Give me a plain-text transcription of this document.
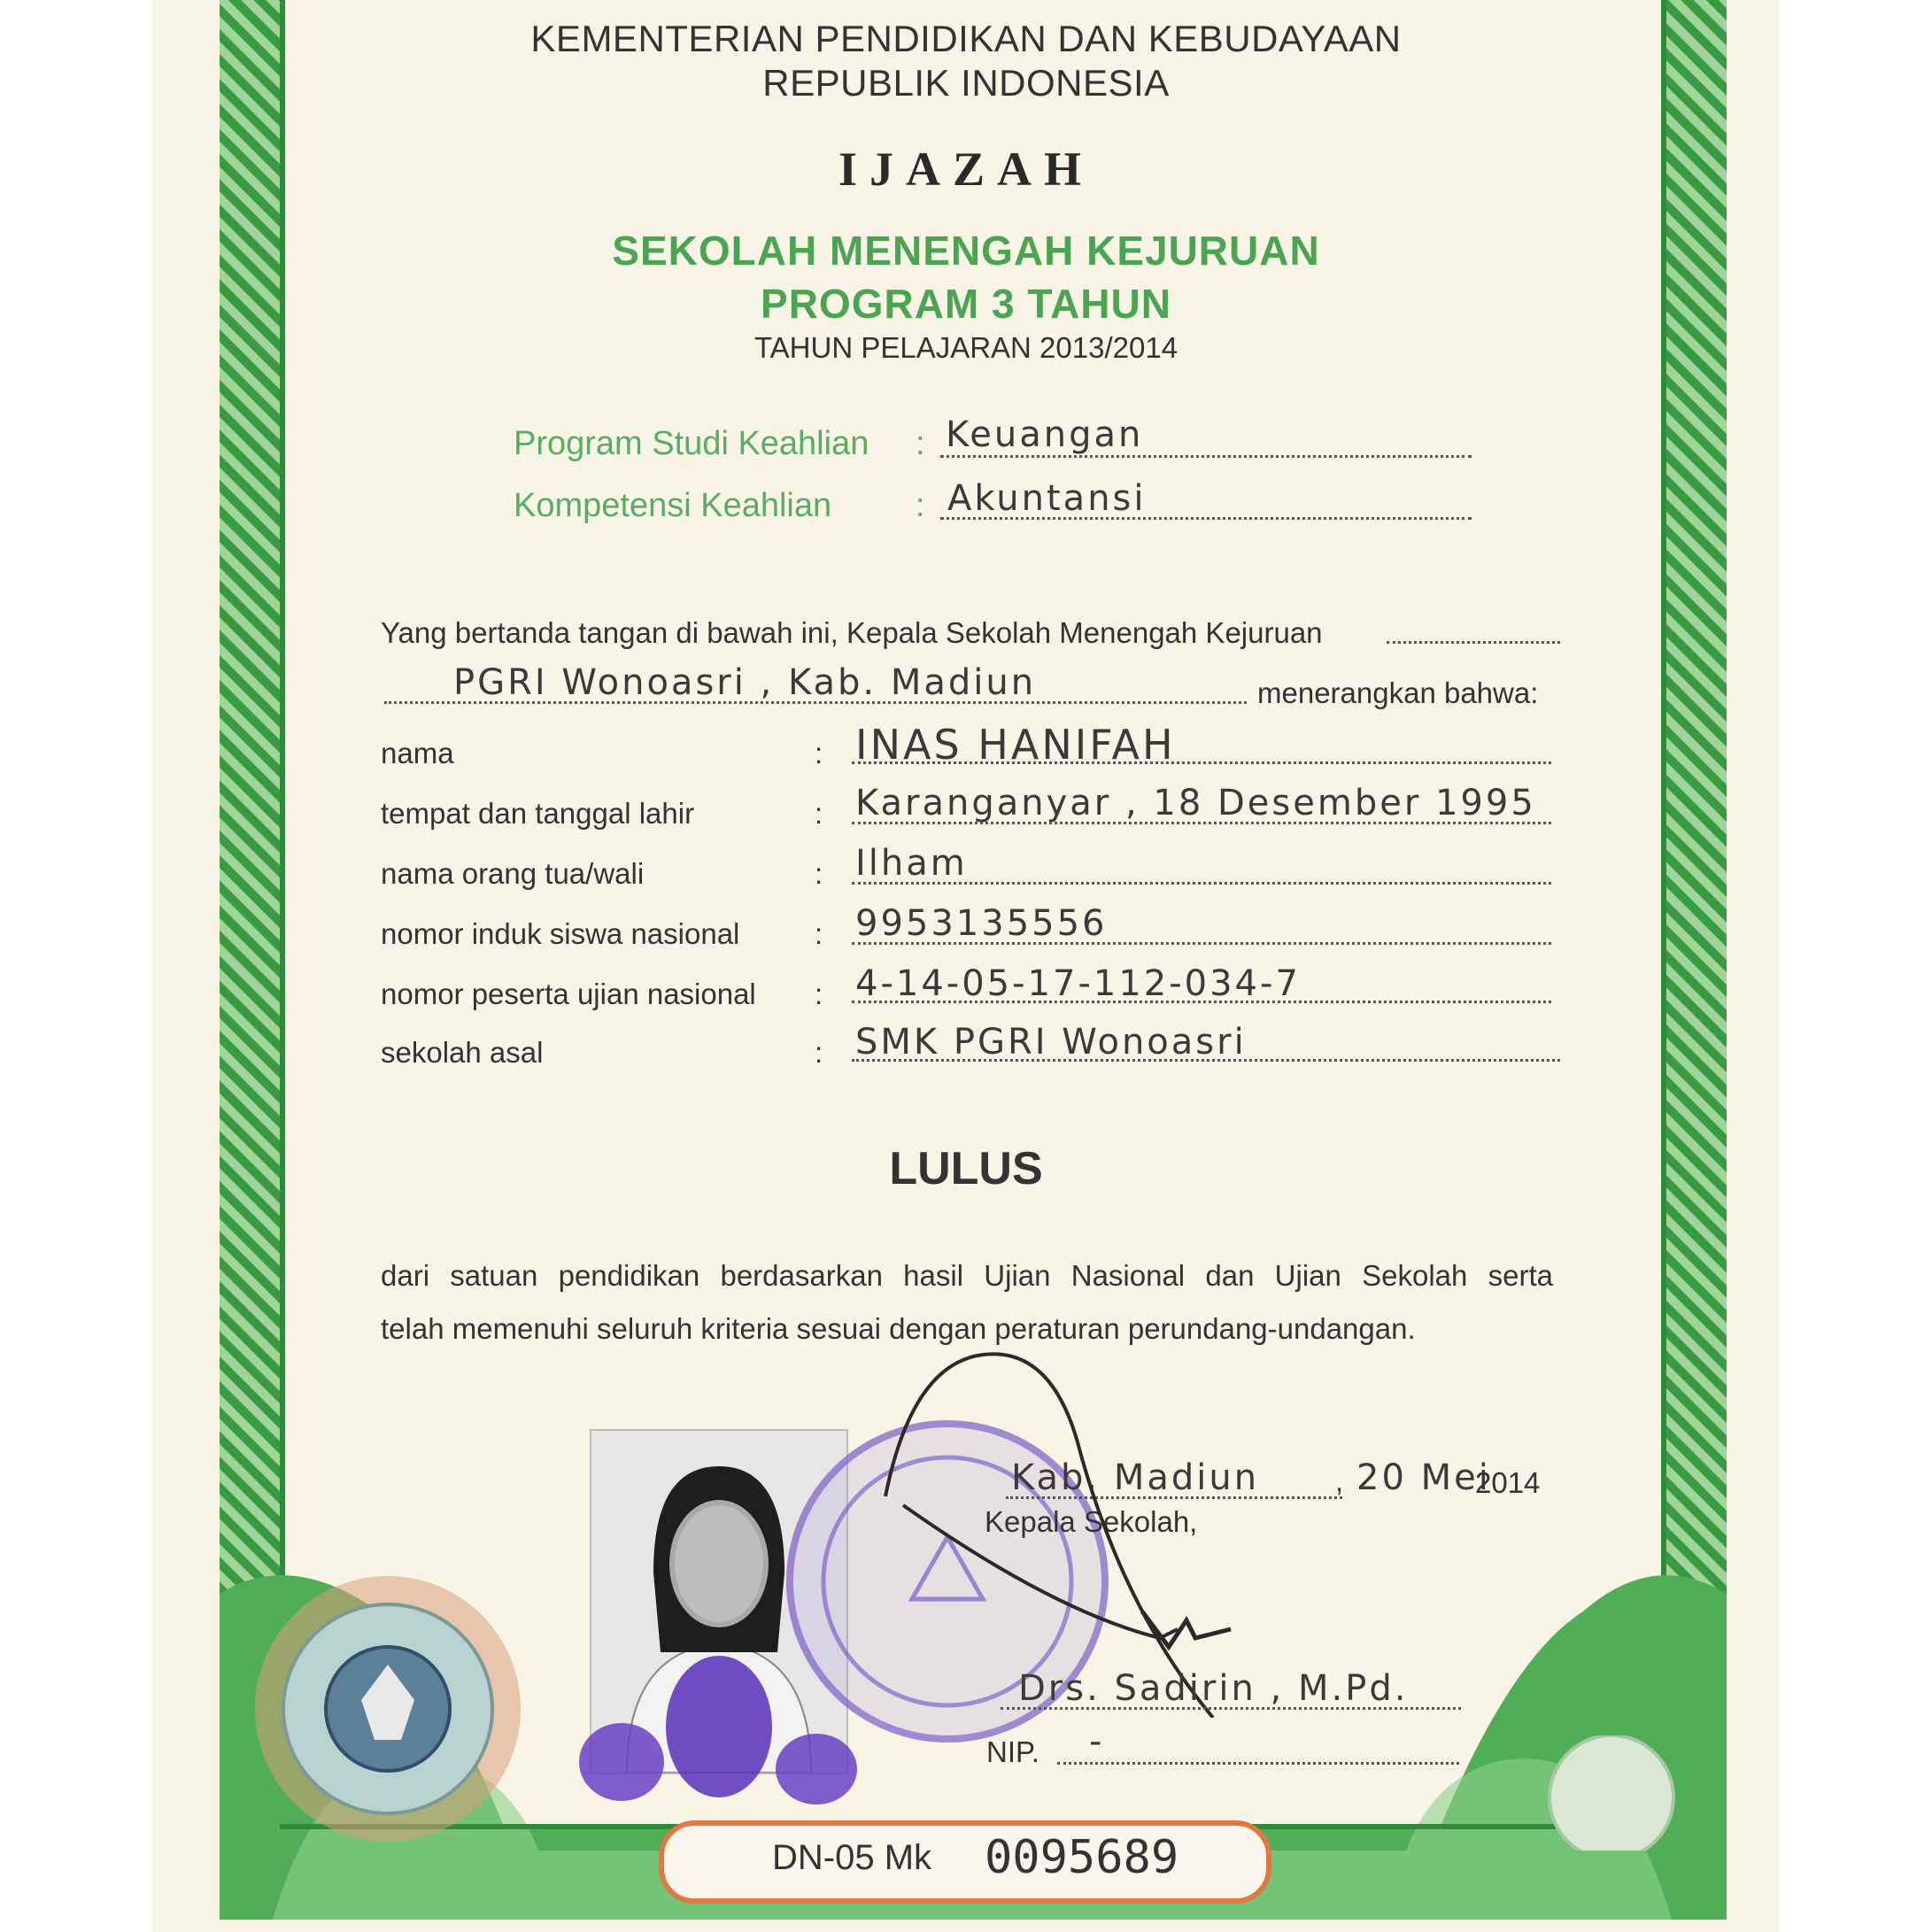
KEMENTERIAN PENDIDIKAN DAN KEBUDAYAAN
REPUBLIK INDONESIA
IJAZAH
SEKOLAH MENENGAH KEJURUAN
PROGRAM 3 TAHUN
TAHUN PELAJARAN 2013/2014
Program Studi Keahlian : Keuangan
Kompetensi Keahlian : Akuntansi
Yang bertanda tangan di bawah ini, Kepala Sekolah Menengah Kejuruan
PGRI Wonoasri , Kab. Madiun	menerangkan bahwa:
nama	: INAS HANIFAH
tempat dan tanggal lahir	: Karanganyar , 18 Desember 1995
nama orang tua/wali	: Ilham
nomor induk siswa nasional	: 9953135556
nomor peserta ujian nasional : 4-14-05-17-112-034-7
sekolah asal	: SMK PGRI Wonoasri
LULUS
dari satuan pendidikan berdasarkan hasil Ujian Nasional dan Ujian Sekolah serta
telah memenuhi seluruh kriteria sesuai dengan peraturan perundang-undangan.
Kab. Madiun	, 20 Mei
2014
Kepala Sekolah,
Drs. Sadirin , M.Pd.
NIP. -
DN-05 Mk 0095689
